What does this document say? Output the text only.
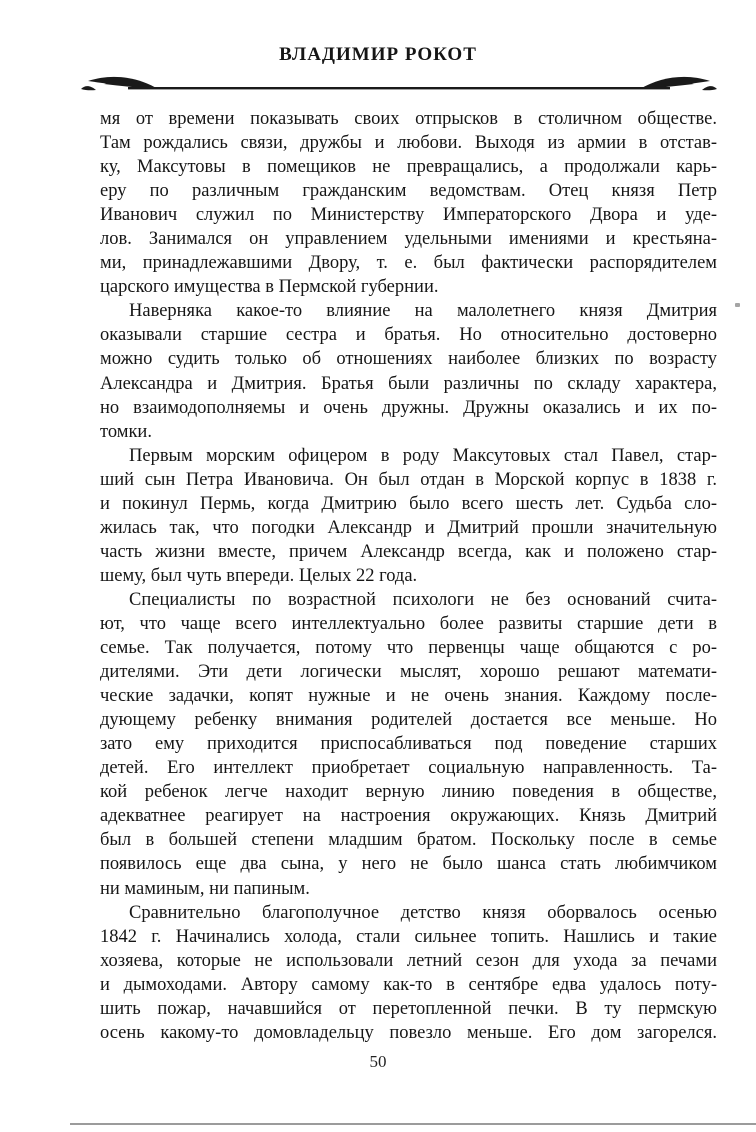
ВЛАДИМИР РОКОТ
мя от времени показывать своих отпрысков в столичном обществе.
Там рождались связи, дружбы и любови. Выходя из армии в отстав-
ку, Максутовы в помещиков не превращались, а продолжали карь-
еру по различным гражданским ведомствам. Отец князя Петр
Иванович служил по Министерству Императорского Двора и уде-
лов. Занимался он управлением удельными имениями и крестьяна-
ми, принадлежавшими Двору, т. е. был фактически распорядителем
царского имущества в Пермской губернии.
Наверняка какое-то влияние на малолетнего князя Дмитрия
оказывали старшие сестра и братья. Но относительно достоверно
можно судить только об отношениях наиболее близких по возрасту
Александра и Дмитрия. Братья были различны по складу характера,
но взаимодополняемы и очень дружны. Дружны оказались и их по-
томки.
Первым морским офицером в роду Максутовых стал Павел, стар-
ший сын Петра Ивановича. Он был отдан в Морской корпус в 1838 г.
и покинул Пермь, когда Дмитрию было всего шесть лет. Судьба сло-
жилась так, что погодки Александр и Дмитрий прошли значительную
часть жизни вместе, причем Александр всегда, как и положено стар-
шему, был чуть впереди. Целых 22 года.
Специалисты по возрастной психологи не без оснований счита-
ют, что чаще всего интеллектуально более развиты старшие дети в
семье. Так получается, потому что первенцы чаще общаются с ро-
дителями. Эти дети логически мыслят, хорошо решают математи-
ческие задачки, копят нужные и не очень знания. Каждому после-
дующему ребенку внимания родителей достается все меньше. Но
зато ему приходится приспосабливаться под поведение старших
детей. Его интеллект приобретает социальную направленность. Та-
кой ребенок легче находит верную линию поведения в обществе,
адекватнее реагирует на настроения окружающих. Князь Дмитрий
был в большей степени младшим братом. Поскольку после в семье
появилось еще два сына, у него не было шанса стать любимчиком
ни маминым, ни папиным.
Сравнительно благополучное детство князя оборвалось осенью
1842 г. Начинались холода, стали сильнее топить. Нашлись и такие
хозяева, которые не использовали летний сезон для ухода за печами
и дымоходами. Автору самому как-то в сентябре едва удалось поту-
шить пожар, начавшийся от перетопленной печки. В ту пермскую
осень какому-то домовладельцу повезло меньше. Его дом загорелся.
50
